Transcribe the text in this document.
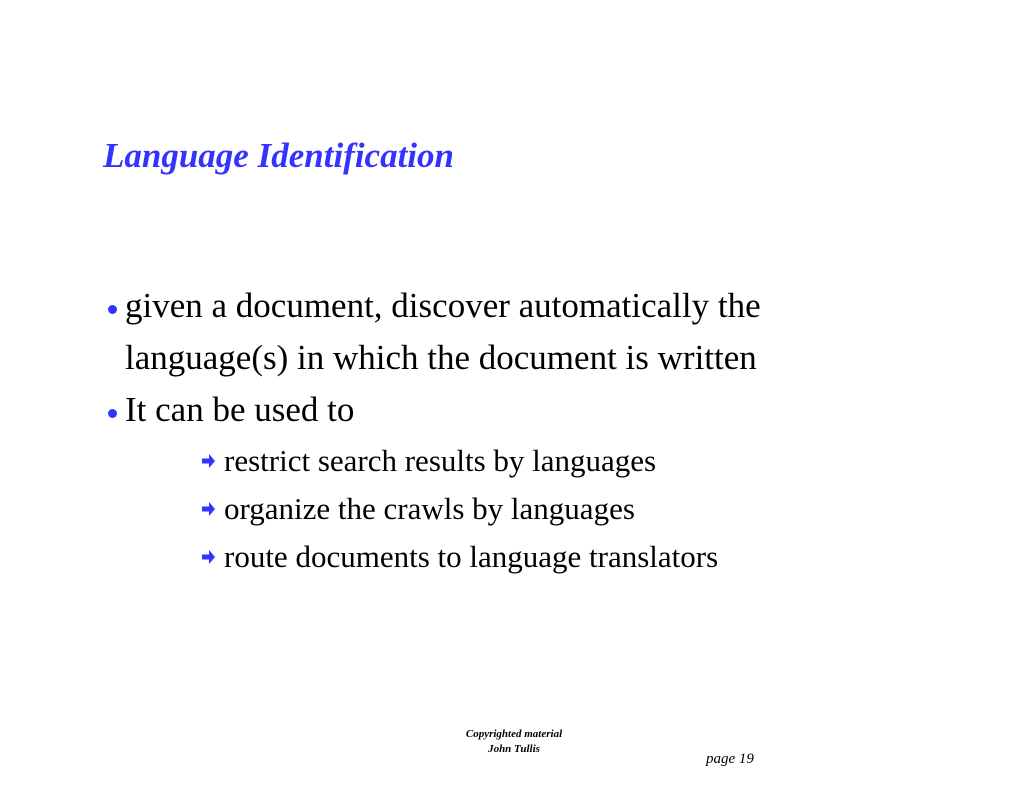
Language Identification
given a document, discover automatically the
language(s) in which the document is written
It can be used to
restrict search results by languages
organize the crawls by languages
route documents to language translators
Copyrighted material
John Tullis
page 19
